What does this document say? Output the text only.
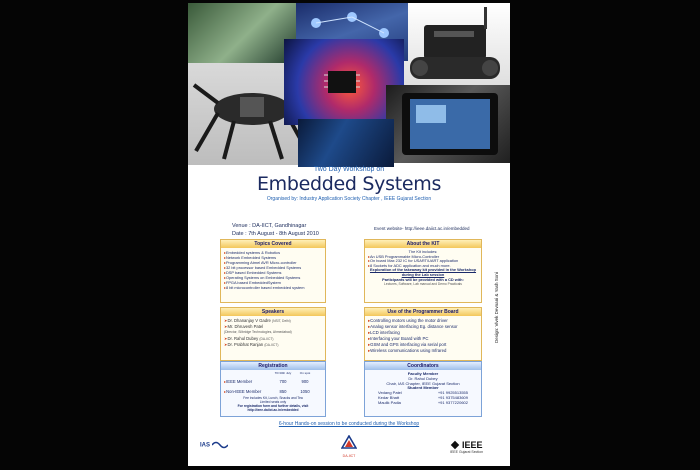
Two Day Workshop on
Embedded Systems
Organised by: Industry Application Society Chapter , IEEE Gujarat Section
Venue : DA-IICT, Gandhinagar
Date : 7th August - 8th August 2010
Event website- http://ieee.daiict.ac.in/embedded
Topics Covered
▸ Embedded systems & Robotics
▸ Network Embedded Systems
▸ Programming Atmel AVR Micro-controller
▸ 32 bit processor based Embedded Systems
▸ DSP based Embedded Systems
▸ Operating Systems on Embedded Systems
▸ FPGA based EmbeddedSystem
▸ 8 bit microcontroller based embedded system
Speakers
➤ Dr. Dhananjay V Gadre (NSIT, Delhi)
➤ Mr. Dhruvesh Patel
(Director, Silbridge Technologies, Ahmedabad)
➤ Dr. Rahul Dubey (DA-IICT)
➤ Dr. Prabhat Ranjan (DA-IICT)
Registration
Till 30th July	On spot
▸ IEEE Member	700	900
▸ Non-IEEE Member	850	1050
Fee includes Kit, Lunch, Snacks and Tea
Limited seats only
For registration form and further details, visit
http://ieee.daiict.ac.in/embedded
About the KIT
The Kit includes:
▸ An USB Programmable Micro-Controller
▸ On board Max 232 IC for USART/UART application
▸ 8 Sockets for ADC application and much more.
Exploration of the takeaway kit provided in the Workshop during the Lab session
Participants will be provided with a CD with:
Lectures, Software, Lab manual and Demo Practicals
Use of the Programmer Board
▸ Controlling motors using the motor driver
▸ Analog sensor interfacing Eg. distance sensor
▸ LCD interfacing
▸ Interfacing your Board with PC
▸ GSM and GPS interfacing via serial port
▸ Wireless communications using Infrared
Coordinators
Faculty Member
Dr. Rahul Dubey
Chair, IAS Chapter, IEEE Gujarat Section
Student Member
Vedang Patel	+91 9925513555
Kedar Bhatt	+91 9375483609
Maulik Padia	+91 9377220602
Design: Vivek Devnani & Yash Soni
6-hour Hands-on session to be conducted during the Workshop
IAS
DA-IICT
IEEE
IEEE Gujarat Section
